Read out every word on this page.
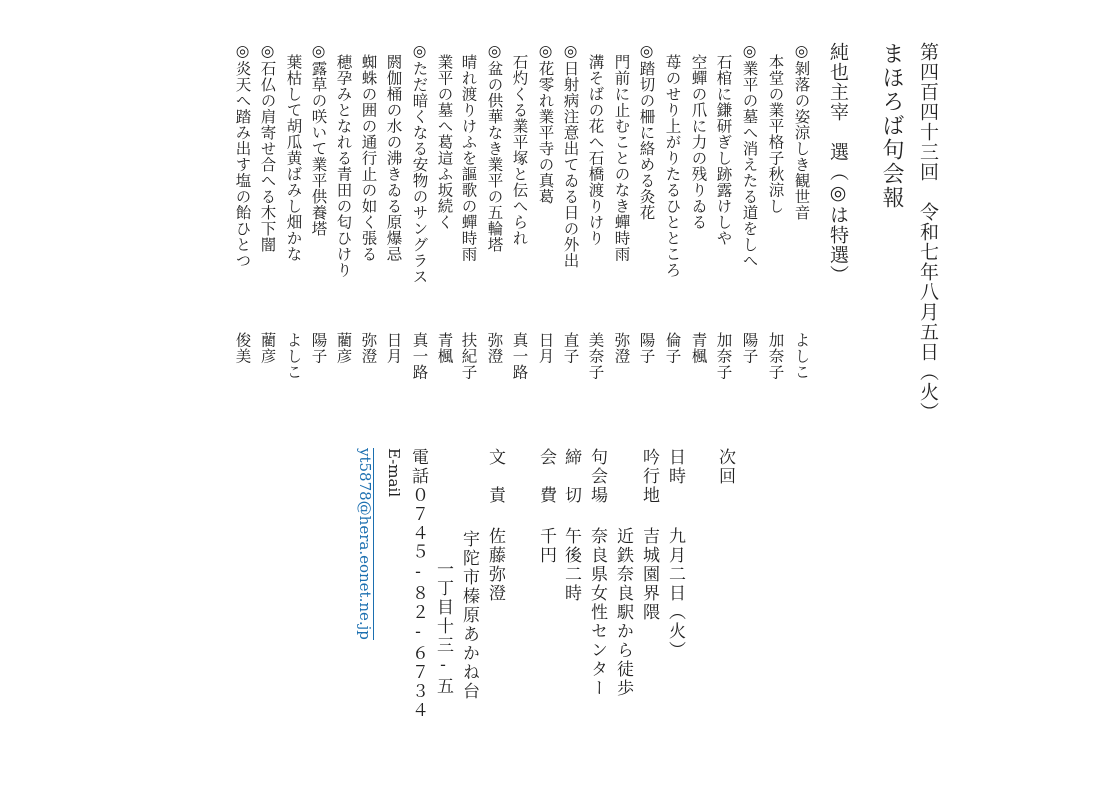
第四百四十三回　令和七年八月五日（火）
まほろば句会報
純也主宰　選（◎は特選）
◎剝落の姿涼しき観世音
よしこ
本堂の業平格子秋涼し
加奈子
◎業平の墓へ消えたる道をしへ
陽子
石棺に鎌研ぎし跡露けしや
加奈子
空蟬の爪に力の残りゐる
青楓
苺のせり上がりたるひとところ
倫子
◎踏切の柵に絡める灸花
陽子
門前に止むことのなき蟬時雨
弥澄
溝そばの花へ石橋渡りけり
美奈子
◎日射病注意出てゐる日の外出
直子
◎花零れ業平寺の真葛
日月
石灼くる業平塚と伝へられ
真一路
◎盆の供華なき業平の五輪塔
弥澄
晴れ渡りけふを謳歌の蟬時雨
扶紀子
業平の墓へ葛這ふ坂続く
青楓
◎ただ暗くなる安物のサングラス
真一路
閼伽桶の水の沸きゐる原爆忌
日月
蜘蛛の囲の通行止の如く張る
弥澄
穂孕みとなれる青田の匂ひけり
藺彦
◎露草の咲いて業平供養塔
陽子
葉枯して胡瓜黄ばみし畑かな
よしこ
◎石仏の肩寄せ合へる木下闇
藺彦
◎炎天へ踏み出す塩の飴ひとつ
俊美
次回
日時
九月二日（火）
吟行地
吉城園界隈
近鉄奈良駅から徒歩
句会場
奈良県女性センター
締　切
午後二時
会　費
千円
文　責
佐藤弥澄
宇陀市榛原あかね台
一丁目十三‐五
電話０７４５‐８２‐６７３４
E-mail
yt5878@hera.eonet.ne.jp
